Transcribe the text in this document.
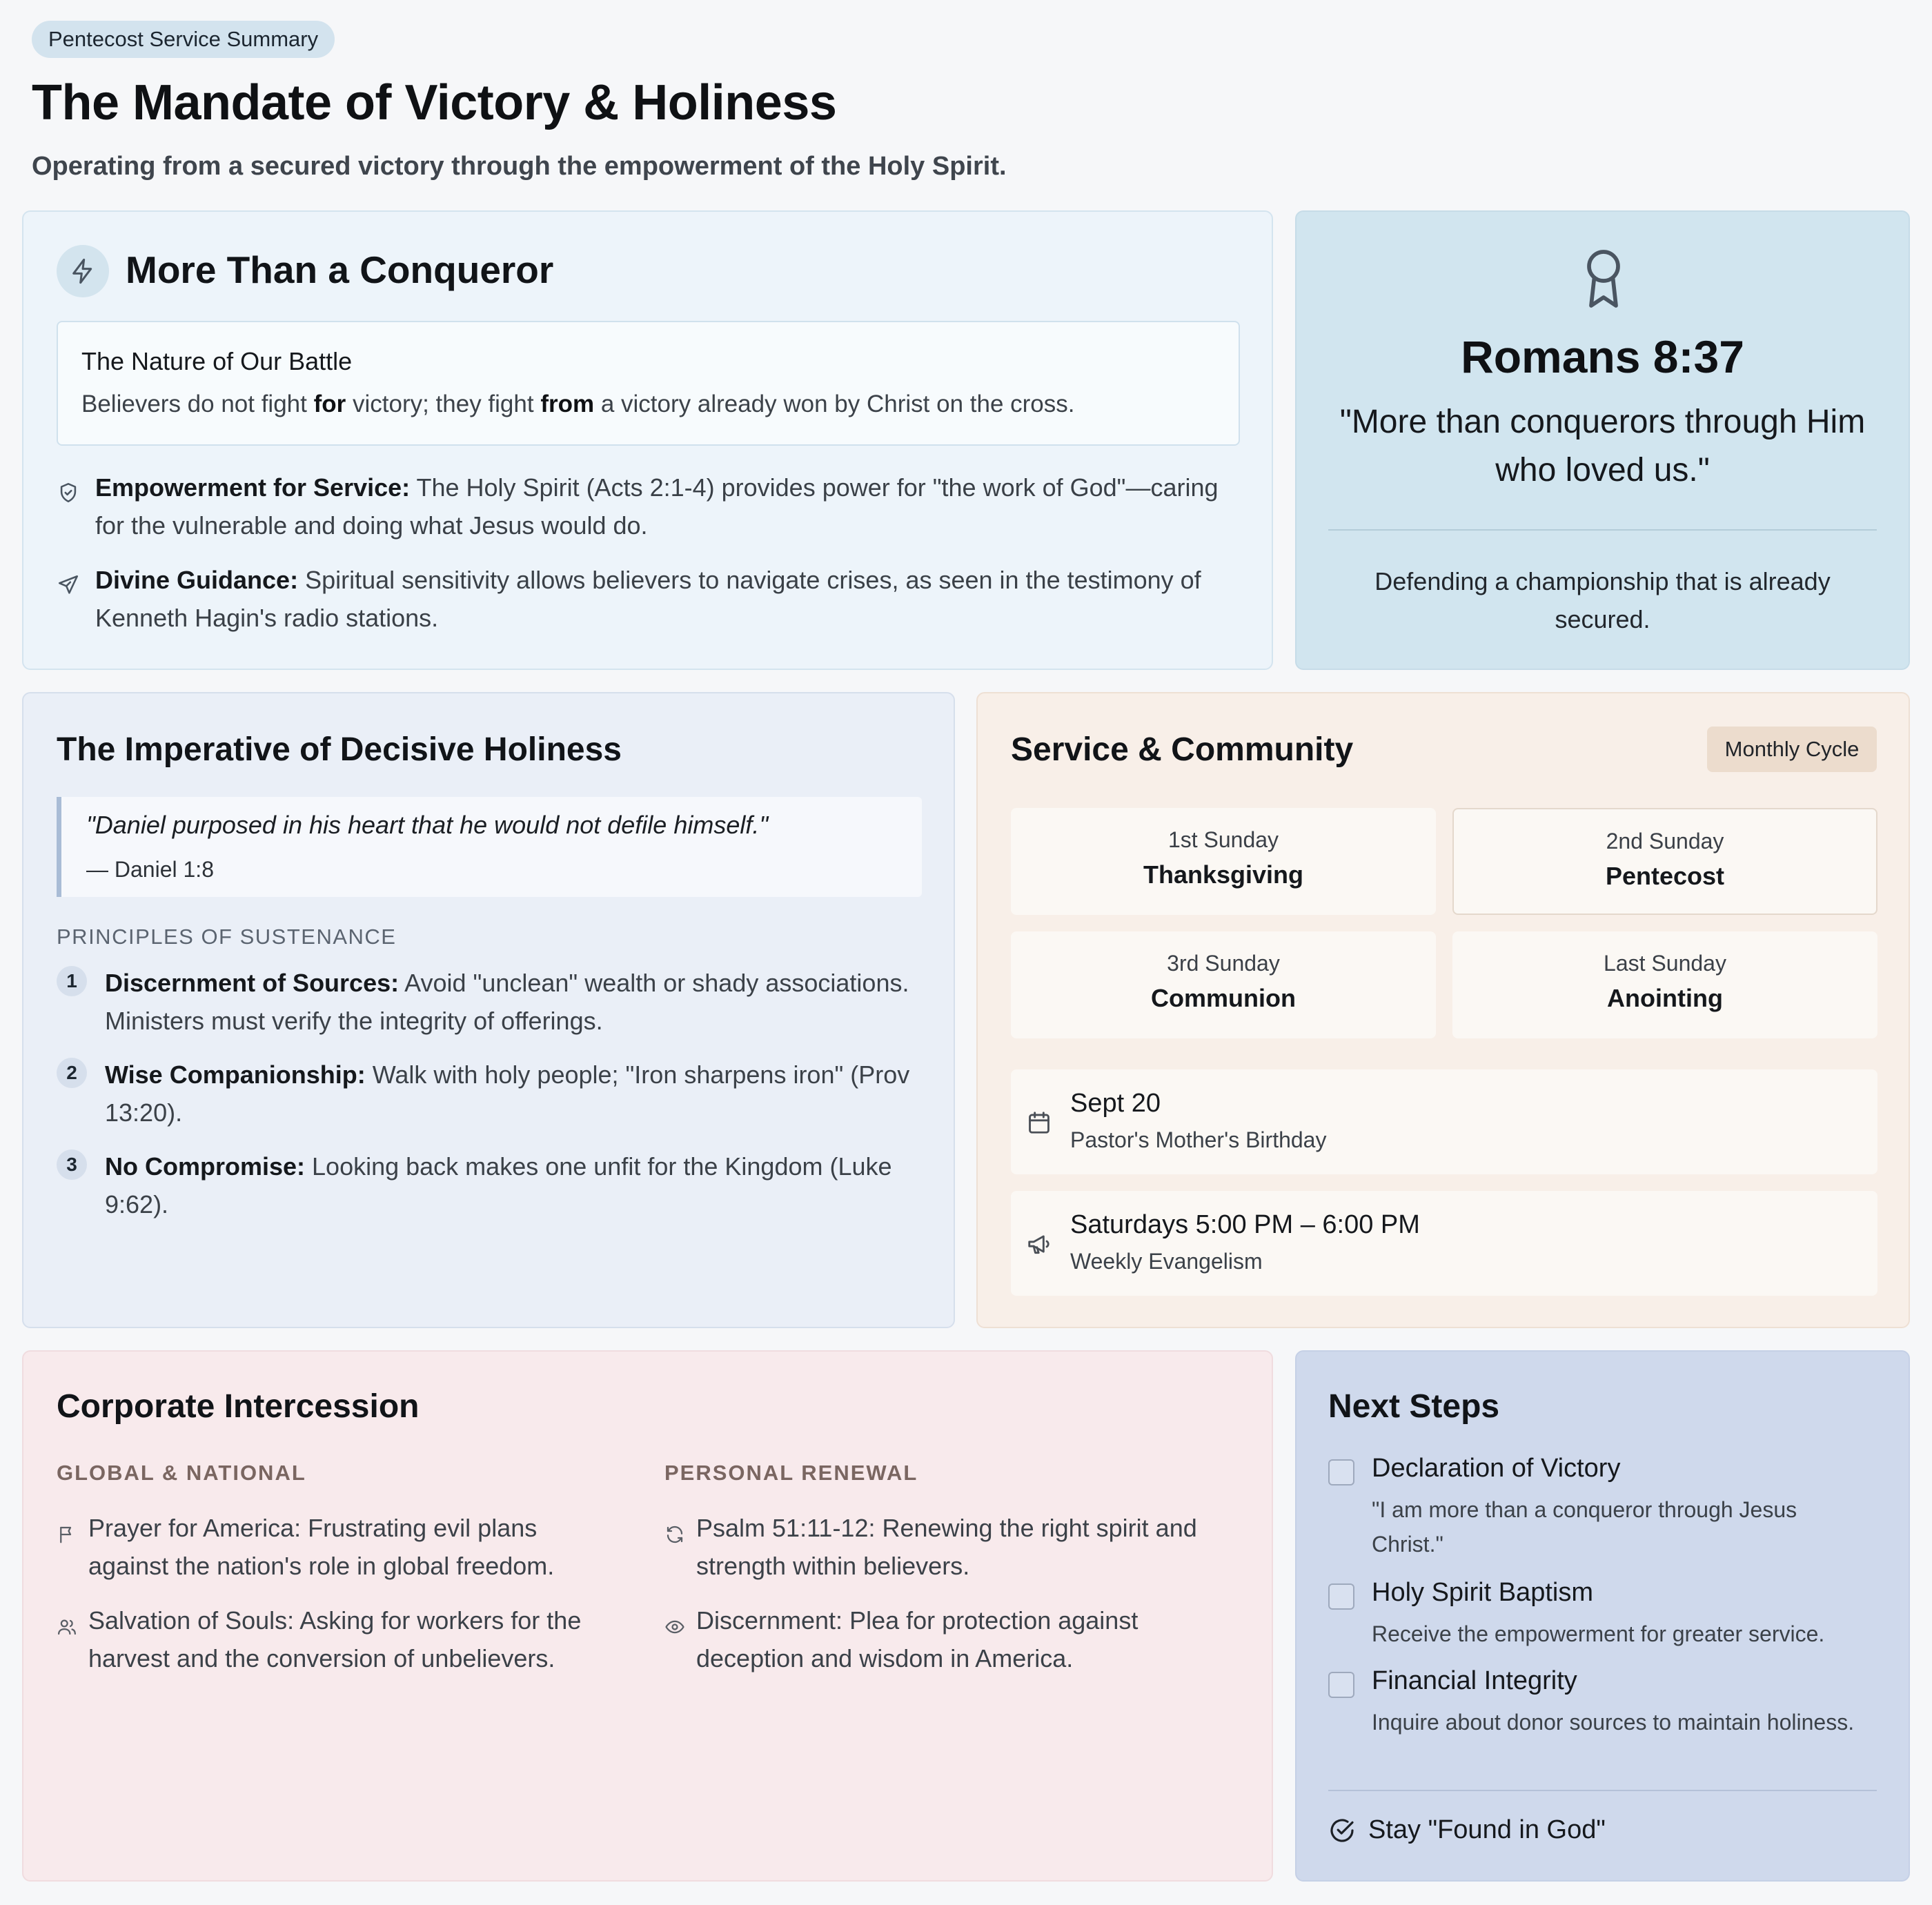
Pentecost Service Summary
The Mandate of Victory & Holiness
Operating from a secured victory through the empowerment of the Holy Spirit.
More Than a Conqueror
The Nature of Our Battle
Believers do not fight for victory; they fight from a victory already won by Christ on the cross.
Empowerment for Service: The Holy Spirit (Acts 2:1-4) provides power for "the work of God"—caring for the vulnerable and doing what Jesus would do.
Divine Guidance: Spiritual sensitivity allows believers to navigate crises, as seen in the testimony of Kenneth Hagin's radio stations.
Romans 8:37
"More than conquerors through Him who loved us."
Defending a championship that is already secured.
The Imperative of Decisive Holiness
"Daniel purposed in his heart that he would not defile himself."
— Daniel 1:8
PRINCIPLES OF SUSTENANCE
1	Discernment of Sources: Avoid "unclean" wealth or shady associations. Ministers must verify the integrity of offerings.
2	Wise Companionship: Walk with holy people; "Iron sharpens iron" (Prov 13:20).
3	No Compromise: Looking back makes one unfit for the Kingdom (Luke 9:62).
Service & Community	Monthly Cycle
1st Sunday
Thanksgiving
2nd Sunday
Pentecost
3rd Sunday
Communion
Last Sunday
Anointing
Sept 20
Pastor's Mother's Birthday
Saturdays 5:00 PM – 6:00 PM
Weekly Evangelism
Corporate Intercession
GLOBAL & NATIONAL	PERSONAL RENEWAL
Prayer for America: Frustrating evil plans against the nation's role in global freedom.
Salvation of Souls: Asking for workers for the harvest and the conversion of unbelievers.
Psalm 51:11-12: Renewing the right spirit and strength within believers.
Discernment: Plea for protection against deception and wisdom in America.
Next Steps
Declaration of Victory
"I am more than a conqueror through Jesus Christ."
Holy Spirit Baptism
Receive the empowerment for greater service.
Financial Integrity
Inquire about donor sources to maintain holiness.
Stay "Found in God"
